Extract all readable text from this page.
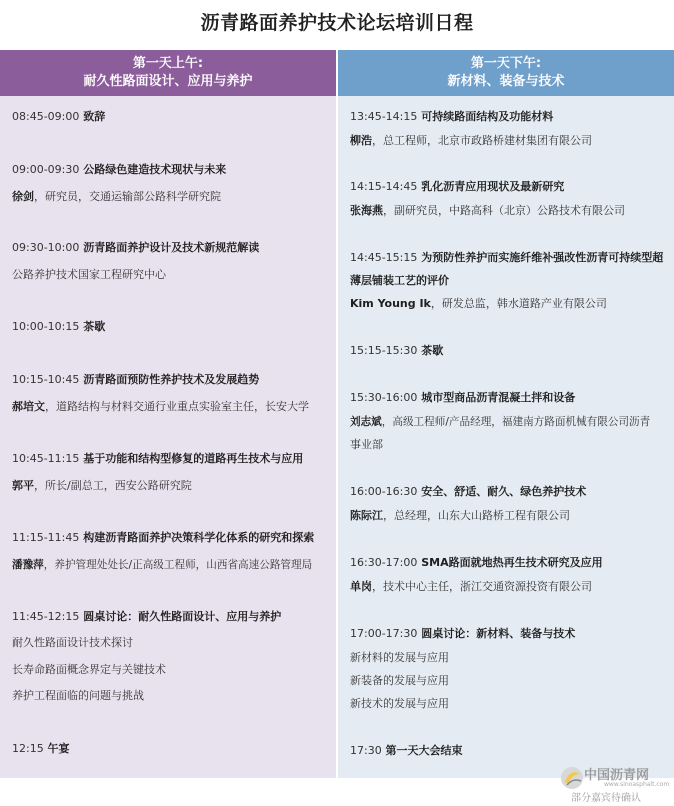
沥青路面养护技术论坛培训日程
第一天上午:
耐久性路面设计、应用与养护
第一天下午:
新材料、装备与技术
08:45-09:00 致辞
09:00-09:30 公路绿色建造技术现状与未来
徐剑，研究员，交通运输部公路科学研究院
09:30-10:00 沥青路面养护设计及技术新规范解读
公路养护技术国家工程研究中心
10:00-10:15 茶歇
10:15-10:45 沥青路面预防性养护技术及发展趋势
郝培文，道路结构与材料交通行业重点实验室主任，长安大学
10:45-11:15 基于功能和结构型修复的道路再生技术与应用
郭平，所长/副总工，西安公路研究院
11:15-11:45 构建沥青路面养护决策科学化体系的研究和探索
潘豫萍，养护管理处处长/正高级工程师，山西省高速公路管理局
11:45-12:15 圆桌讨论：耐久性路面设计、应用与养护
耐久性路面设计技术探讨
长寿命路面概念界定与关键技术
养护工程面临的问题与挑战
12:15 午宴
13:45-14:15 可持续路面结构及功能材料
柳浩，总工程师，北京市政路桥建材集团有限公司
14:15-14:45 乳化沥青应用现状及最新研究
张海燕，副研究员，中路高科（北京）公路技术有限公司
14:45-15:15 为预防性养护而实施纤维补强改性沥青可持续型超
薄层铺装工艺的评价
Kim Young Ik，研发总监，韩水道路产业有限公司
15:15-15:30 茶歇
15:30-16:00 城市型商品沥青混凝土拌和设备
刘志斌，高级工程师/产品经理，福建南方路面机械有限公司沥青
事业部
16:00-16:30 安全、舒适、耐久、绿色养护技术
陈际江，总经理，山东大山路桥工程有限公司
16:30-17:00 SMA路面就地热再生技术研究及应用
单岗，技术中心主任，浙江交通资源投资有限公司
17:00-17:30 圆桌讨论：新材料、装备与技术
新材料的发展与应用
新装备的发展与应用
新技术的发展与应用
17:30 第一天大会结束
中国沥青网
www.sinoasphalt.com
部分嘉宾待确认
